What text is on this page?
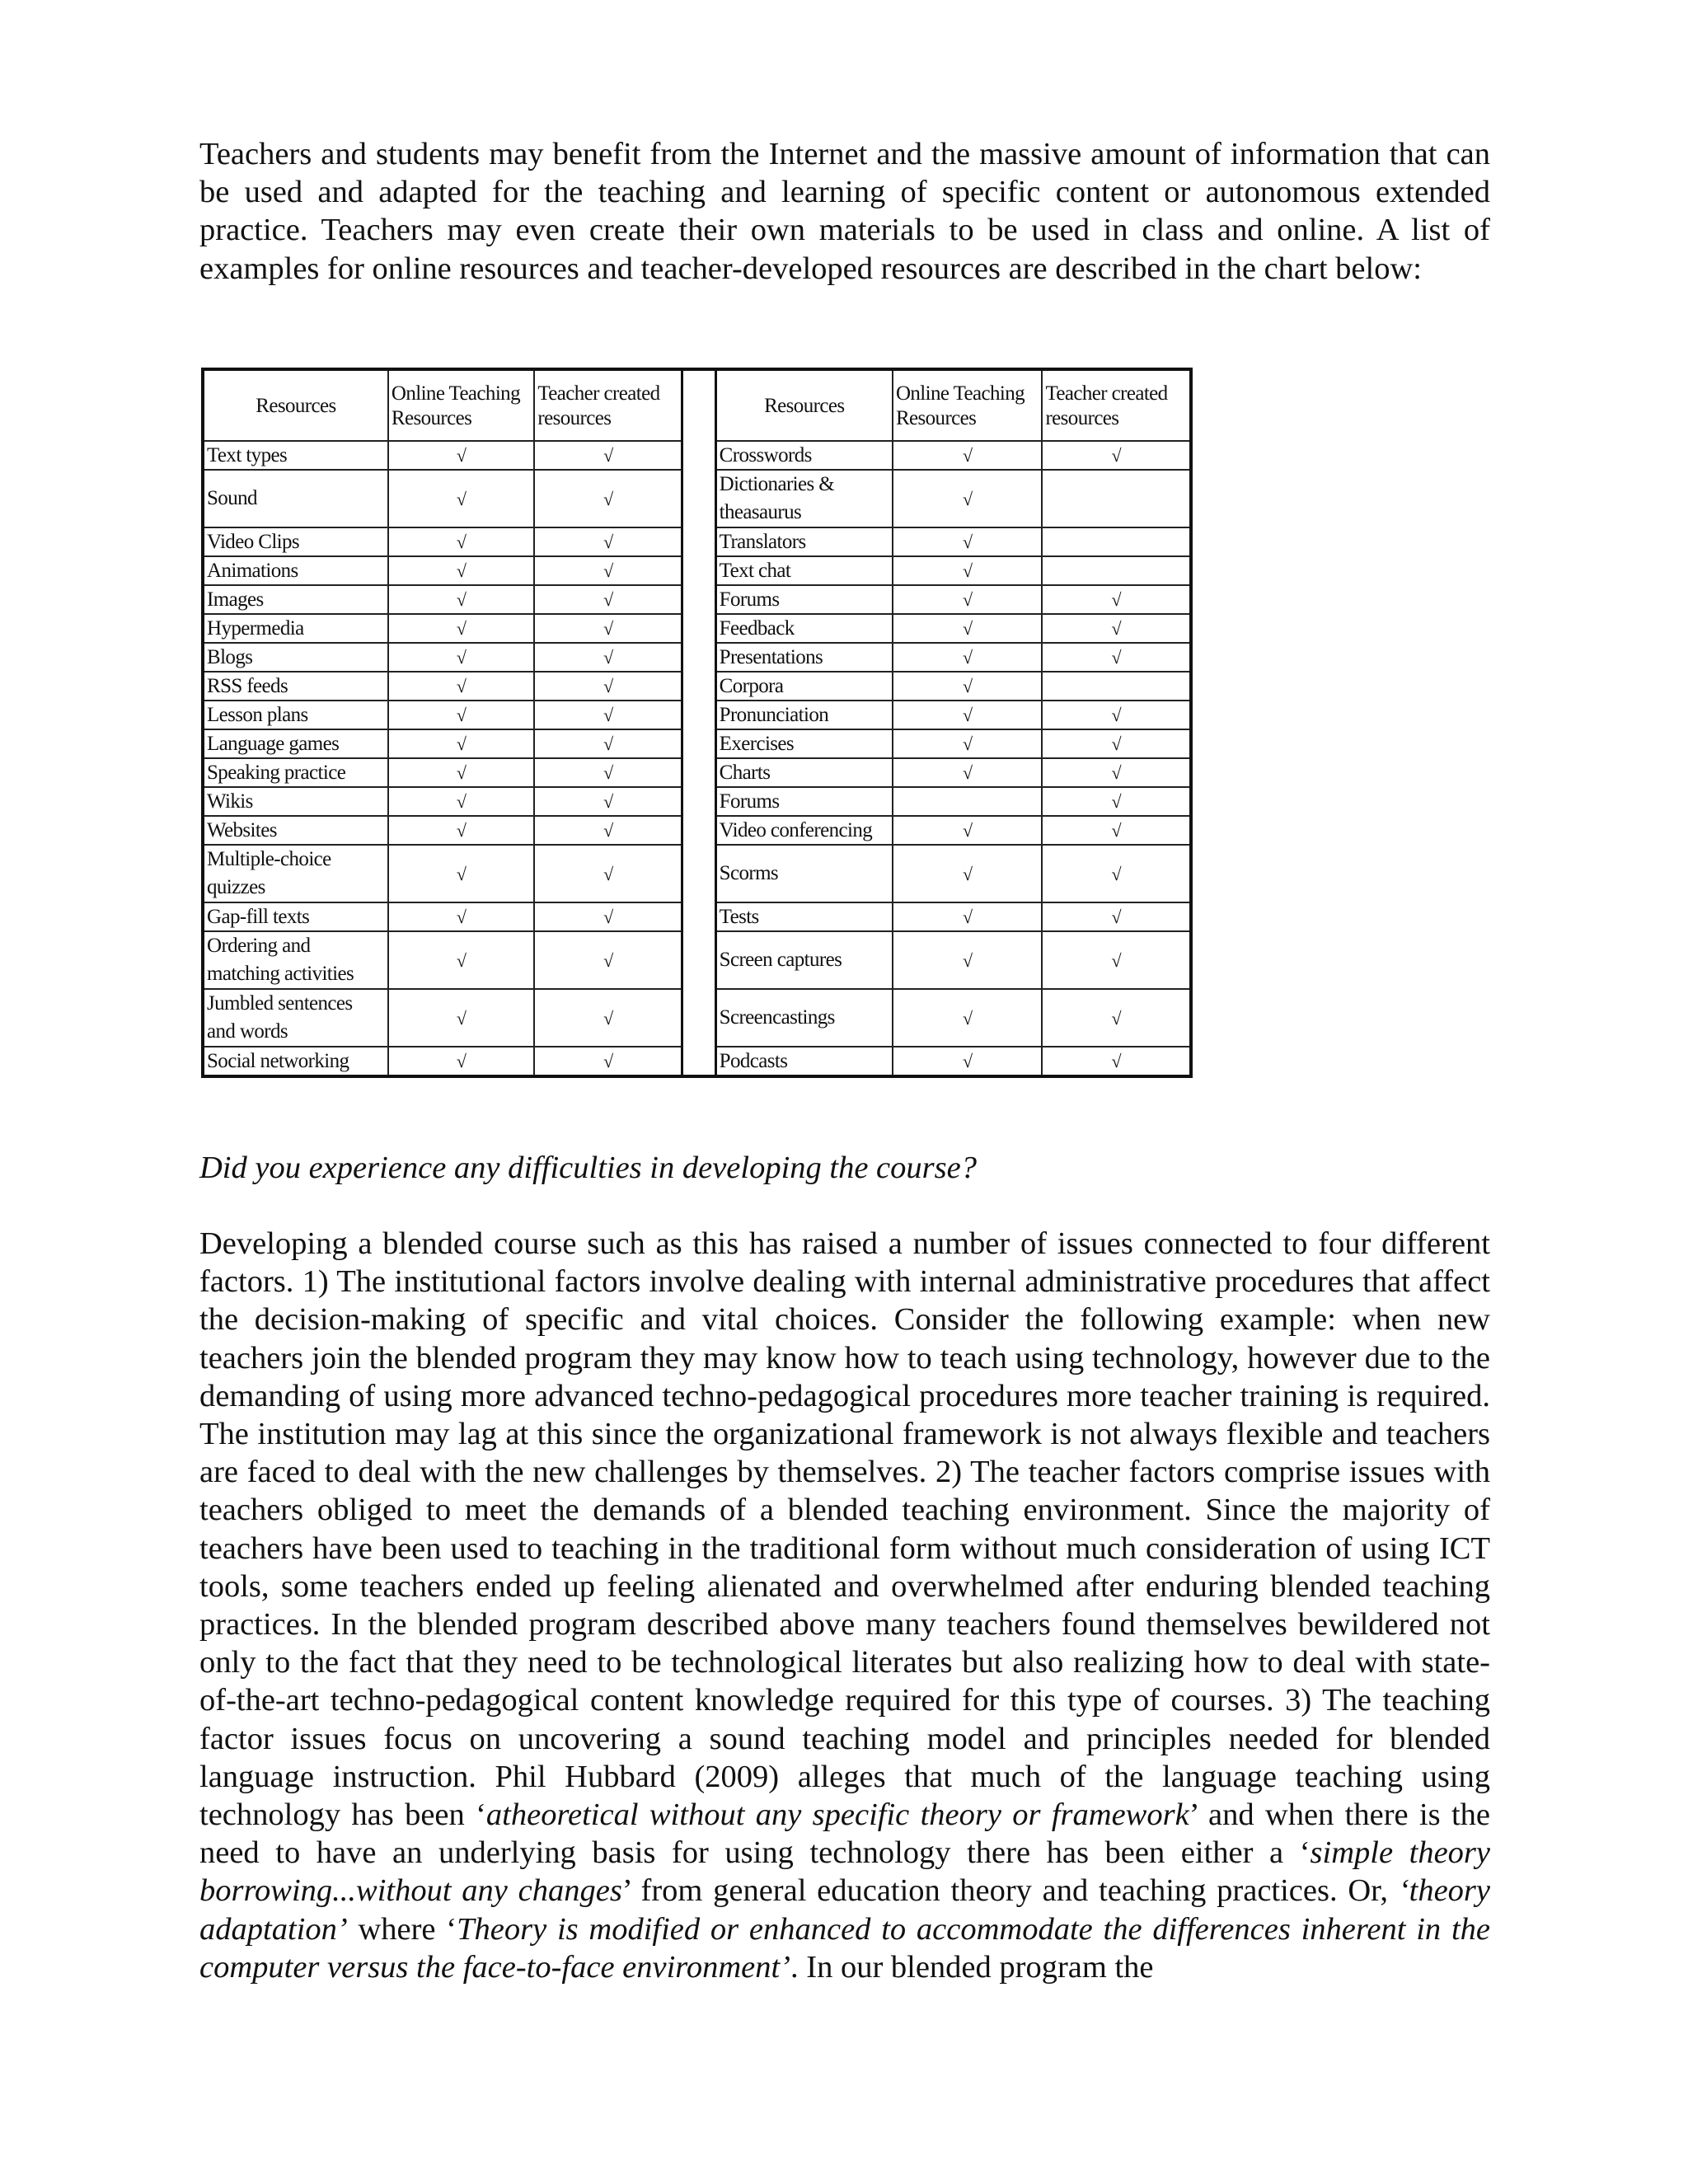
Teachers and students may benefit from the Internet and the massive amount of information that can be used and adapted for the teaching and learning of specific content or autonomous extended practice. Teachers may even create their own materials to be used in class and online. A list of examples for online resources and teacher-developed resources are described in the chart below:

Resources	Online Teaching Resources	Teacher created resources		Resources	Online Teaching Resources	Teacher created resources
Text types	√	√		Crosswords	√	√
Sound	√	√		Dictionaries & theasaurus	√	
Video Clips	√	√		Translators	√	
Animations	√	√		Text chat	√	
Images	√	√		Forums	√	√
Hypermedia	√	√		Feedback	√	√
Blogs	√	√		Presentations	√	√
RSS feeds	√	√		Corpora	√	
Lesson plans	√	√		Pronunciation	√	√
Language games	√	√		Exercises	√	√
Speaking practice	√	√		Charts	√	√
Wikis	√	√		Forums		√
Websites	√	√		Video conferencing	√	√
Multiple-choice quizzes	√	√		Scorms	√	√
Gap-fill texts	√	√		Tests	√	√
Ordering and matching activities	√	√		Screen captures	√	√
Jumbled sentences and words	√	√		Screencastings	√	√
Social networking	√	√		Podcasts	√	√

Did you experience any difficulties in developing the course?

Developing a blended course such as this has raised a number of issues connected to four different factors. 1) The institutional factors involve dealing with internal administrative procedures that affect the decision-making of specific and vital choices. Consider the following example: when new teachers join the blended program they may know how to teach using technology, however due to the demanding of using more advanced techno-pedagogical procedures more teacher training is required. The institution may lag at this since the organizational framework is not always flexible and teachers are faced to deal with the new challenges by themselves. 2) The teacher factors comprise issues with teachers obliged to meet the demands of a blended teaching environment. Since the majority of teachers have been used to teaching in the traditional form without much consideration of using ICT tools, some teachers ended up feeling alienated and overwhelmed after enduring blended teaching practices. In the blended program described above many teachers found themselves bewildered not only to the fact that they need to be technological literates but also realizing how to deal with state-of-the-art techno-pedagogical content knowledge required for this type of courses. 3) The teaching factor issues focus on uncovering a sound teaching model and principles needed for blended language instruction. Phil Hubbard (2009) alleges that much of the language teaching using technology has been ‘atheoretical without any specific theory or framework’ and when there is the need to have an underlying basis for using technology there has been either a ‘simple theory borrowing...without any changes’ from general education theory and teaching practices. Or, ‘theory adaptation’ where ‘Theory is modified or enhanced to accommodate the differences inherent in the computer versus the face-to-face environment’. In our blended program the
